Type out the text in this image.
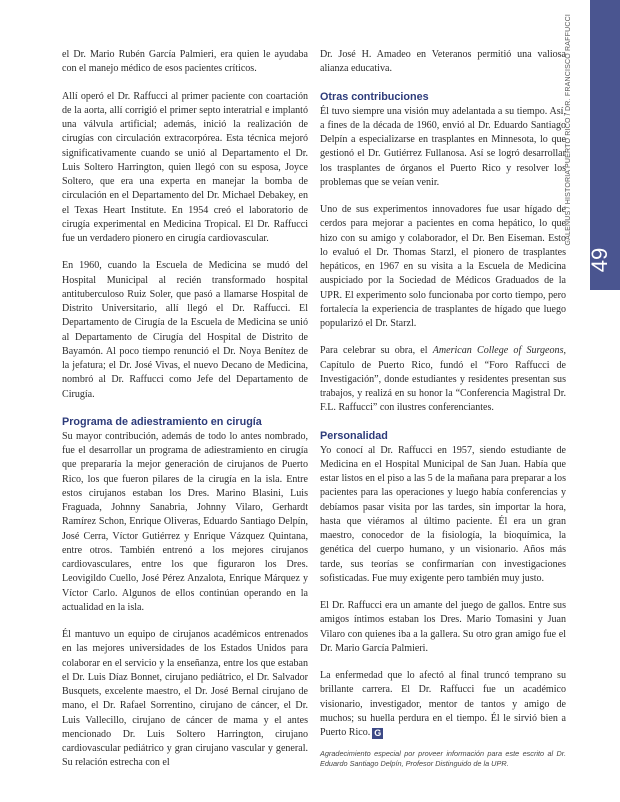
GALENUS / HISTORIA PUERTO RICO / DR. FRANCISCO RAFFUCCI
49

el Dr. Mario Rubén García Palmieri, era quien le ayudaba con el manejo médico de esos pacientes críticos.

Allí operó el Dr. Raffucci al primer paciente con coartación de la aorta, allí corrigió el primer septo interatrial e implantó una válvula artificial; además, inició la realización de cirugías con circulación extracorpórea. Esta técnica mejoró significativamente cuando se unió al Departamento el Dr. Luis Soltero Harrington, quien llegó con su esposa, Joyce Soltero, que era una experta en manejar la bomba de circulación en el Departamento del Dr. Michael Debakey, en el Texas Heart Institute. En 1954 creó el laboratorio de cirugía experimental en Medicina Tropical. El Dr. Raffucci fue un verdadero pionero en cirugía cardiovascular.

En 1960, cuando la Escuela de Medicina se mudó del Hospital Municipal al recién transformado hospital antituberculoso Ruiz Soler, que pasó a llamarse Hospital de Distrito Universitario, allí llegó el Dr. Raffucci. El Departamento de Cirugía de la Escuela de Medicina se unió al Departamento de Cirugía del Hospital de Distrito de Bayamón. Al poco tiempo renunció el Dr. Noya Benítez de la jefatura; el Dr. José Vivas, el nuevo Decano de Medicina, nombró al Dr. Raffucci como Jefe del Departamento de Cirugía.

Programa de adiestramiento en cirugía

Su mayor contribución, además de todo lo antes nombrado, fue el desarrollar un programa de adiestramiento en cirugía que prepararía la mejor generación de cirujanos de Puerto Rico, los que fueron pilares de la cirugía en la isla. Entre estos cirujanos estaban los Dres. Marino Blasini, Luis Fraguada, Johnny Sanabria, Johnny Vilaro, Gerhardt Ramírez Schon, Enrique Oliveras, Eduardo Santiago Delpín, José Cerra, Víctor Gutiérrez y Enrique Vázquez Quintana, entre otros. También entrenó a los mejores cirujanos cardiovasculares, entre los que figuraron los Dres. Leovigildo Cuello, José Pérez Anzalota, Enrique Márquez y Víctor Carlo. Algunos de ellos continúan operando en la actualidad en la isla.

Él mantuvo un equipo de cirujanos académicos entrenados en las mejores universidades de los Estados Unidos para colaborar en el servicio y la enseñanza, entre los que estaban el Dr. Luis Díaz Bonnet, cirujano pediátrico, el Dr. Salvador Busquets, excelente maestro, el Dr. José Bernal cirujano de mano, el Dr. Rafael Sorrentino, cirujano de cáncer, el Dr. Luis Vallecillo, cirujano de cáncer de mama y el antes mencionado Dr. Luis Soltero Harrington, cirujano cardiovascular pediátrico y gran cirujano vascular y general. Su relación estrecha con el

Dr. José H. Amadeo en Veteranos permitió una valiosa alianza educativa.

Otras contribuciones

Él tuvo siempre una visión muy adelantada a su tiempo. Así, a fines de la década de 1960, envió al Dr. Eduardo Santiago Delpín a especializarse en trasplantes en Minnesota, lo que gestionó el Dr. Gutiérrez Fullanosa. Así se logró desarrollar los trasplantes de órganos el Puerto Rico y resolver los problemas que se veían venir.

Uno de sus experimentos innovadores fue usar hígado de cerdos para mejorar a pacientes en coma hepático, lo que hizo con su amigo y colaborador, el Dr. Ben Eiseman. Esto lo evaluó el Dr. Thomas Starzl, el pionero de trasplantes hepáticos, en 1967 en su visita a la Escuela de Medicina auspiciado por la Sociedad de Médicos Graduados de la UPR. El experimento solo funcionaba por corto tiempo, pero fortalecía la experiencia de trasplantes de hígado que luego popularizó el Dr. Starzl.

Para celebrar su obra, el American College of Surgeons, Capítulo de Puerto Rico, fundó el “Foro Raffucci de Investigación”, donde estudiantes y residentes presentan sus trabajos, y realizá en su honor la “Conferencia Magistral Dr. F.L. Raffucci” con ilustres conferenciantes.

Personalidad

Yo conocí al Dr. Raffucci en 1957, siendo estudiante de Medicina en el Hospital Municipal de San Juan. Había que estar listos en el piso a las 5 de la mañana para preparar a los pacientes para las operaciones y luego había conferencias y debíamos pasar visita por las tardes, sin importar la hora, hasta que viéramos al último paciente. Él era un gran maestro, conocedor de la fisiología, la bioquímica, la genética del cuerpo humano, y un visionario. Años más tarde, sus teorías se confirmarían con investigaciones sofisticadas. Fue muy exigente pero también muy justo.

El Dr. Raffucci era un amante del juego de gallos. Entre sus amigos íntimos estaban los Dres. Mario Tomasini y Juan Vilaro con quienes iba a la gallera. Su otro gran amigo fue el Dr. Mario García Palmieri.

La enfermedad que lo afectó al final truncó temprano su brillante carrera. El Dr. Raffucci fue un académico visionario, investigador, mentor de tantos y amigo de muchos; su huella perdura en el tiempo. Él le sirvió bien a Puerto Rico. G

Agradecimiento especial por proveer información para este escrito al Dr. Eduardo Santiago Delpín, Profesor Distinguido de la UPR.
